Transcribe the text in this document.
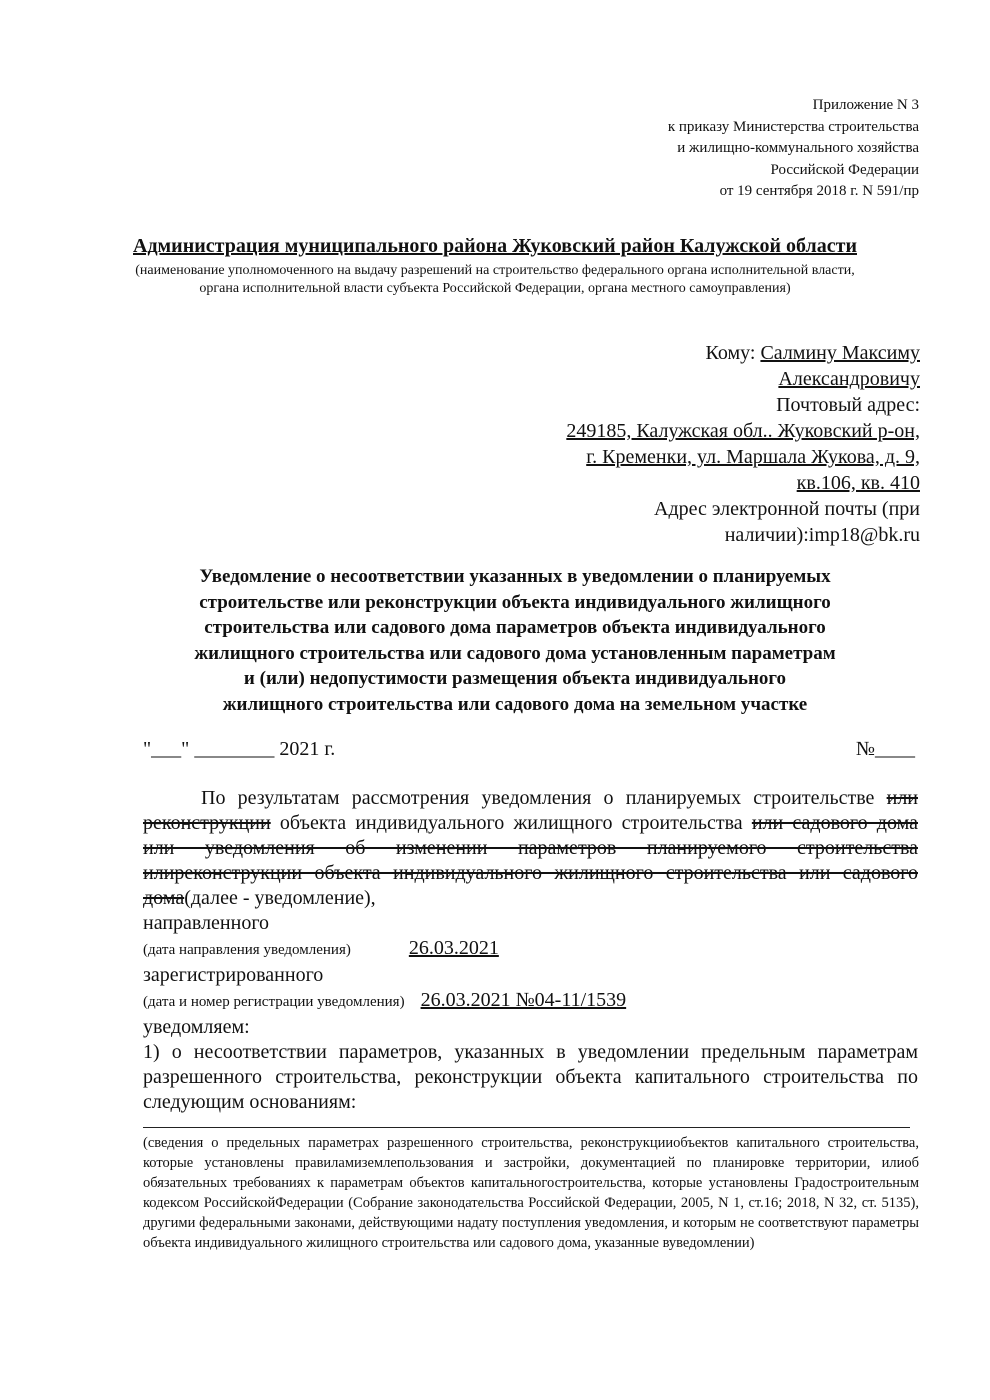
Приложение N 3
к приказу Министерства строительства
и жилищно-коммунального хозяйства
Российской Федерации
от 19 сентября 2018 г. N 591/пр
Администрация муниципального района Жуковский район Калужской области
(наименование уполномоченного на выдачу разрешений на строительство федерального органа исполнительной власти, органа исполнительной власти субъекта Российской Федерации, органа местного самоуправления)
Кому: Салмину Максиму
Александровичу
Почтовый адрес:
249185, Калужская обл.. Жуковский р-он,
г. Кременки, ул. Маршала Жукова, д. 9,
кв.106, кв. 410
Адрес электронной почты (при
наличии):imp18@bk.ru
Уведомление о несоответствии указанных в уведомлении о планируемых
строительстве или реконструкции объекта индивидуального жилищного
строительства или садового дома параметров объекта индивидуального
жилищного строительства или садового дома установленным параметрам
и (или) недопустимости размещения объекта индивидуального
жилищного строительства или садового дома на земельном участке
"___" ________ 2021 г.	№____
По результатам рассмотрения уведомления о планируемых строительстве или реконструкции объекта индивидуального жилищного строительства или садового дома или уведомления об изменении параметров планируемого строительства илиреконструкции объекта индивидуального жилищного строительства или садового дома(далее - уведомление),
направленного
(дата направления уведомления)	26.03.2021
зарегистрированного
(дата и номер регистрации уведомления) 26.03.2021 №04-11/1539
уведомляем:
1) о несоответствии параметров, указанных в уведомлении предельным параметрам разрешенного строительства, реконструкции объекта капитального строительства по следующим основаниям:
(сведения о предельных параметрах разрешенного строительства, реконструкцииобъектов капитального строительства, которые установлены правиламиземлепользования и застройки, документацией по планировке территории, илиоб обязательных требованиях к параметрам объектов капитальногостроительства, которые установлены Градостроительным кодексом РоссийскойФедерации (Собрание законодательства Российской Федерации, 2005, N 1, ст.16; 2018, N 32, ст. 5135), другими федеральными законами, действующими надату поступления уведомления, и которым не соответствуют параметры объекта индивидуального жилищного строительства или садового дома, указанные вуведомлении)
